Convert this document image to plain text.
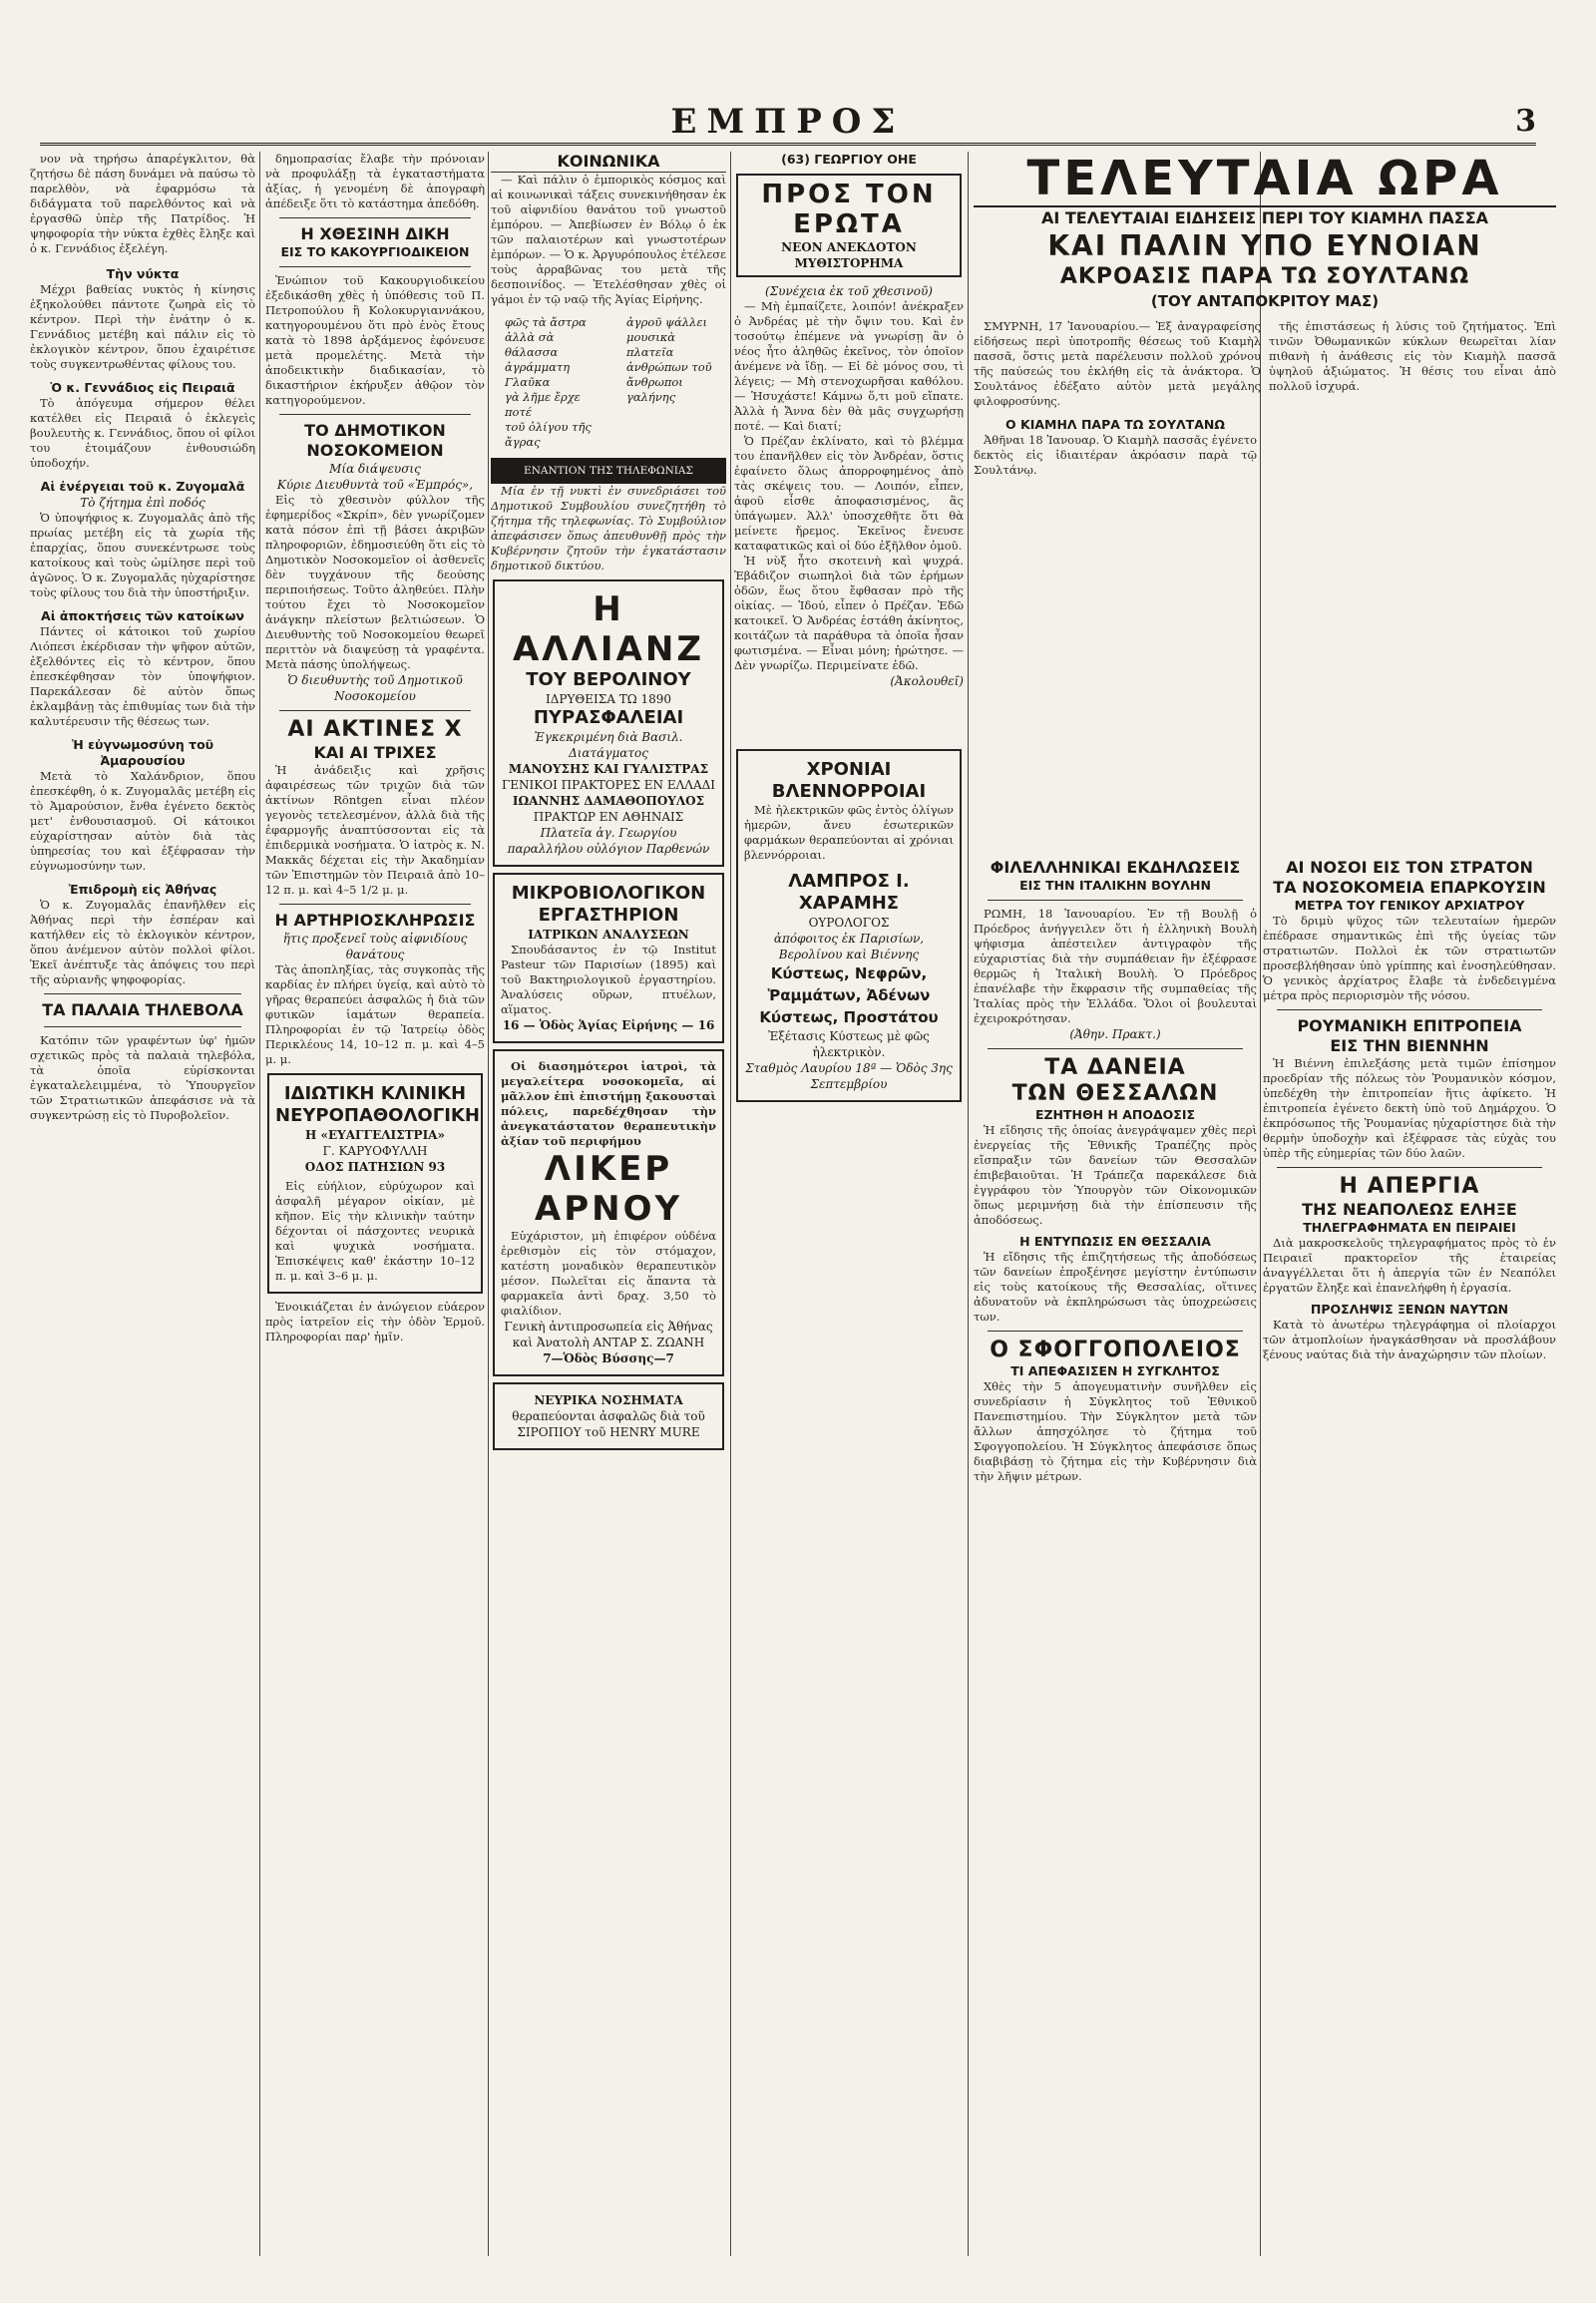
ΕΜΠΡΟΣ	3

νον νὰ τηρήσω ἀπαρέγκλιτον, θὰ ζητήσω δὲ πάση δυνάμει νὰ παύσω τὸ παρελθὸν, νὰ ἐφαρμόσω τὰ διδάγματα τοῦ παρελθόντος καὶ νὰ ἐργασθῶ ὑπὲρ τῆς Πατρίδος. Ἡ ψηφοφορία τὴν νύκτα ἐχθὲς ἔληξε καὶ ὁ κ. Γεννάδιος ἐξελέγη.

Τὴν νύκτα

Μέχρι βαθείας νυκτὸς ἡ κίνησις ἐξηκολούθει πάντοτε ζωηρὰ εἰς τὸ κέντρον. Περὶ τὴν ἐνάτην ὁ κ. Γεννάδιος μετέβη καὶ πάλιν εἰς τὸ ἐκλογικὸν κέντρον, ὅπου ἐχαιρέτισε τοὺς συγκεντρωθέντας φίλους του.

Ὁ κ. Γεννάδιος εἰς Πειραιᾶ

Τὸ ἀπόγευμα σήμερον θέλει κατέλθει εἰς Πειραιᾶ ὁ ἐκλεγεὶς βουλευτὴς κ. Γεννάδιος, ὅπου οἱ φίλοι του ἑτοιμάζουν ἐνθουσιώδη ὑποδοχήν.

Αἱ ἐνέργειαι τοῦ κ. Ζυγομαλᾶ
Τὸ ζήτημα ἐπὶ ποδός

Ὁ ὑποψήφιος κ. Ζυγομαλᾶς ἀπὸ τῆς πρωίας μετέβη εἰς τὰ χωρία τῆς ἐπαρχίας, ὅπου συνεκέντρωσε τοὺς κατοίκους καὶ τοὺς ὡμίλησε περὶ τοῦ ἀγῶνος. Ὁ κ. Ζυγομαλᾶς ηὐχαρίστησε τοὺς φίλους του διὰ τὴν ὑποστήριξιν.

Αἱ ἀποκτήσεις τῶν κατοίκων

Πάντες οἱ κάτοικοι τοῦ χωρίου Λιόπεσι ἐκέρδισαν τὴν ψῆφον αὐτῶν, ἐξελθόντες εἰς τὸ κέντρον, ὅπου ἐπεσκέφθησαν τὸν ὑποψήφιον. Παρεκάλεσαν δὲ αὐτὸν ὅπως ἐκλαμβάνῃ τὰς ἐπιθυμίας των διὰ τὴν καλυτέρευσιν τῆς θέσεως των.

Ἡ εὐγνωμοσύνη τοῦ Ἀμαρουσίου

Μετὰ τὸ Χαλάνδριον, ὅπου ἐπεσκέφθη, ὁ κ. Ζυγομαλᾶς μετέβη εἰς τὸ Ἀμαρούσιον, ἔνθα ἐγένετο δεκτὸς μετ' ἐνθουσιασμοῦ. Οἱ κάτοικοι εὐχαρίστησαν αὐτὸν διὰ τὰς ὑπηρεσίας του καὶ ἐξέφρασαν τὴν εὐγνωμοσύνην των.

Ἐπιδρομὴ εἰς Ἀθήνας

Ὁ κ. Ζυγομαλᾶς ἐπανῆλθεν εἰς Ἀθήνας περὶ τὴν ἐσπέραν καὶ κατήλθεν εἰς τὸ ἐκλογικὸν κέντρον, ὅπου ἀνέμενον αὐτὸν πολλοὶ φίλοι. Ἐκεῖ ἀνέπτυξε τὰς ἀπόψεις του περὶ τῆς αὐριανῆς ψηφοφορίας.

ΤΑ ΠΑΛΑΙΑ ΤΗΛΕΒΟΛΑ

Κατόπιν τῶν γραφέντων ὑφ' ἡμῶν σχετικῶς πρὸς τὰ παλαιὰ τηλεβόλα, τὰ ὁποῖα εὑρίσκονται ἐγκαταλελειμμένα, τὸ Ὑπουργεῖον τῶν Στρατιωτικῶν ἀπεφάσισε νὰ τὰ συγκεντρώσῃ εἰς τὸ Πυροβολεῖον.

δημοπρασίας ἔλαβε τὴν πρόνοιαν νὰ προφυλάξῃ τὰ ἐγκαταστήματα ἀξίας, ἡ γενομένη δὲ ἀπογραφὴ ἀπέδειξε ὅτι τὸ κατάστημα ἀπεδόθη.

Η ΧΘΕΣΙΝΗ ΔΙΚΗ
ΕΙΣ ΤΟ ΚΑΚΟΥΡΓΙΟΔΙΚΕΙΟΝ

Ἐνώπιον τοῦ Κακουργιοδικείου ἐξεδικάσθη χθὲς ἡ ὑπόθεσις τοῦ Π. Πετροπούλου ἢ Κολοκυργιαννάκου, κατηγορουμένου ὅτι πρὸ ἑνὸς ἔτους κατὰ τὸ 1898 ἀρξάμενος ἐφόνευσε μετὰ προμελέτης. Μετὰ τὴν ἀποδεικτικὴν διαδικασίαν, τὸ δικαστήριον ἐκήρυξεν ἀθῷον τὸν κατηγορούμενον.

ΤΟ ΔΗΜΟΤΙΚΟΝ ΝΟΣΟΚΟΜΕΙΟΝ
Μία διάψευσις
Κύριε Διευθυντὰ τοῦ «Ἐμπρός»,

Εἰς τὸ χθεσινὸν φύλλον τῆς ἐφημερίδος «Σκρίπ», δὲν γνωρίζομεν κατὰ πόσον ἐπὶ τῇ βάσει ἀκριβῶν πληροφοριῶν, ἐδημοσιεύθη ὅτι εἰς τὸ Δημοτικὸν Νοσοκομεῖον οἱ ἀσθενεῖς δὲν τυγχάνουν τῆς δεούσης περιποιήσεως. Τοῦτο ἀληθεύει. Πλὴν τούτου ἔχει τὸ Νοσοκομεῖον ἀνάγκην πλείστων βελτιώσεων. Ὁ Διευθυντὴς τοῦ Νοσοκομείου θεωρεῖ περιττὸν νὰ διαψεύσῃ τὰ γραφέντα. Μετὰ πάσης ὑπολήψεως.

Ὁ διευθυντὴς τοῦ Δημοτικοῦ Νοσοκομείου
ΑΙ ΑΚΤΙΝΕΣ Χ
ΚΑΙ ΑΙ ΤΡΙΧΕΣ

Ἡ ἀνάδειξις καὶ χρῆσις ἀφαιρέσεως τῶν τριχῶν διὰ τῶν ἀκτίνων Röntgen εἶναι πλέον γεγονὸς τετελεσμένον, ἀλλὰ διὰ τῆς ἐφαρμογῆς ἀναπτύσσονται εἰς τὰ ἐπιδερμικὰ νοσήματα. Ὁ ἰατρὸς κ. Ν. Μακκᾶς δέχεται εἰς τὴν Ἀκαδημίαν τῶν Ἐπιστημῶν τὸν Πειραιᾶ ἀπὸ 10–12 π. μ. καὶ 4–5 1/2 μ. μ.

Η ΑΡΤΗΡΙΟΣΚΛΗΡΩΣΙΣ
ἥτις προξενεῖ τοὺς αἰφνιδίους θανάτους

Τὰς ἀποπληξίας, τὰς συγκοπὰς τῆς καρδίας ἐν πλήρει ὑγείᾳ, καὶ αὐτὸ τὸ γῆρας θεραπεύει ἀσφαλῶς ἡ διὰ τῶν φυτικῶν ἰαμάτων θεραπεία. Πληροφορίαι ἐν τῷ Ἰατρείῳ ὁδὸς Περικλέους 14, 10–12 π. μ. καὶ 4–5 μ. μ.

ΙΔΙΩΤΙΚΗ ΚΛΙΝΙΚΗ
ΝΕΥΡΟΠΑΘΟΛΟΓΙΚΗ
Η «ΕΥΑΓΓΕΛΙΣΤΡΙΑ»
Γ. ΚΑΡΥΟΦΥΛΛΗ
ΟΔΟΣ ΠΑΤΗΣΙΩΝ 93

Εἰς εὐήλιον, εὐρύχωρον καὶ ἀσφαλῆ μέγαρον οἰκίαν, μὲ κῆπον. Εἰς τὴν κλινικὴν ταύτην δέχονται οἱ πάσχοντες νευρικὰ καὶ ψυχικὰ νοσήματα. Ἐπισκέψεις καθ' ἑκάστην 10–12 π. μ. καὶ 3–6 μ. μ.

Ἐνοικιάζεται ἐν ἀνώγειον εὐάερον πρὸς ἰατρεῖον εἰς τὴν ὁδὸν Ἑρμοῦ. Πληροφορίαι παρ' ἡμῖν.

ΚΟΙΝΩΝΙΚΑ

— Καὶ πάλιν ὁ ἐμπορικὸς κόσμος καὶ αἱ κοινωνικαὶ τάξεις συνεκινήθησαν ἐκ τοῦ αἰφνιδίου θανάτου τοῦ γνωστοῦ ἐμπόρου. — Ἀπεβίωσεν ἐν Βόλῳ ὁ ἐκ τῶν παλαιοτέρων καὶ γνωστοτέρων ἐμπόρων. — Ὁ κ. Ἀργυρόπουλος ἐτέλεσε τοὺς ἀρραβῶνας του μετὰ τῆς δεσποινίδος. — Ἐτελέσθησαν χθὲς οἱ γάμοι ἐν τῷ ναῷ τῆς Ἁγίας Εἰρήνης.

φῶς τὰ ἄστρα
ἀλλὰ σὰ θάλασσα
ἀγράμματη Γλαῦκα
γὰ λῆμε ἔρχε ποτέ
τοῦ ὀλίγου τῆς ἄγρας
ἀγροῦ ψάλλει
μουσικὰ πλατεῖα
ἀνθρώπων τοῦ
ἄνθρωποι γαλήνης
ΕΝΑΝΤΙΟΝ ΤΗΣ ΤΗΛΕΦΩΝΙΑΣ

Μία ἐν τῇ νυκτὶ ἐν συνεδριάσει τοῦ Δημοτικοῦ Συμβουλίου συνεζητήθη τὸ ζήτημα τῆς τηλεφωνίας. Τὸ Συμβούλιον ἀπεφάσισεν ὅπως ἀπευθυνθῇ πρὸς τὴν Κυβέρνησιν ζητοῦν τὴν ἐγκατάστασιν δημοτικοῦ δικτύου.

Η ΑΛΛΙΑΝΖ
ΤΟΥ ΒΕΡΟΛΙΝΟΥ
ΙΔΡΥΘΕΙΣΑ ΤΩ 1890
ΠΥΡΑΣΦΑΛΕΙΑΙ
Ἐγκεκριμένη διὰ Βασιλ. Διατάγματος
ΜΑΝΟΥΣΗΣ ΚΑΙ ΓΥΑΛΙΣΤΡΑΣ
ΓΕΝΙΚΟΙ ΠΡΑΚΤΟΡΕΣ ΕΝ ΕΛΛΑΔΙ
ΙΩΑΝΝΗΣ ΔΑΜΑΘΟΠΟΥΛΟΣ
ΠΡΑΚΤΩΡ ΕΝ ΑΘΗΝΑΙΣ
Πλατεῖα ἁγ. Γεωργίου παραλλήλου οὐλόγιον Παρθενών
ΜΙΚΡΟΒΙΟΛΟΓΙΚΟΝ
ΕΡΓΑΣΤΗΡΙΟΝ
ΙΑΤΡΙΚΩΝ ΑΝΑΛΥΣΕΩΝ

Σπουδάσαντος ἐν τῷ Institut Pasteur τῶν Παρισίων (1895) καὶ τοῦ Βακτηριολογικοῦ ἐργαστηρίου. Ἀναλύσεις οὔρων, πτυέλων, αἵματος.

16 — Ὁδὸς Ἁγίας Εἰρήνης — 16

Οἱ διασημότεροι ἰατροὶ, τὰ μεγαλείτερα νοσοκομεῖα, αἱ μᾶλλον ἐπὶ ἐπιστήμῃ ξακουσταὶ πόλεις, παρεδέχθησαν τὴν ἀνεγκατάστατον θεραπευτικὴν ἀξίαν τοῦ περιφήμου

ΛΙΚΕΡ ΑΡΝΟΥ

Εὐχάριστον, μὴ ἐπιφέρον οὐδένα ἐρεθισμὸν εἰς τὸν στόμαχον, κατέστη μοναδικὸν θεραπευτικὸν μέσον. Πωλεῖται εἰς ἅπαντα τὰ φαρμακεῖα ἀντὶ δραχ. 3,50 τὸ φιαλίδιον.

Γενικὴ ἀντιπροσωπεία εἰς Ἀθήνας καὶ Ἀνατολὴ ΑΝΤΑΡ Σ. ΖΩΑΝΗ
7—Ὁδὸς Βύσσης—7
ΝΕΥΡΙΚΑ ΝΟΣΗΜΑΤΑ
θεραπεύονται ἀσφαλῶς διὰ τοῦ ΣΙΡΟΠΙΟΥ τοῦ HENRY MURE
(63) ΓΕΩΡΓΙΟΥ ΟΗΕ
ΠΡΟΣ ΤΟΝ ΕΡΩΤΑ
ΝΕΟΝ ΑΝΕΚΔΟΤΟΝ ΜΥΘΙΣΤΟΡΗΜΑ
(Συνέχεια ἐκ τοῦ χθεσινοῦ)

— Μὴ ἐμπαίζετε, λοιπόν! ἀνέκραξεν ὁ Ἀνδρέας μὲ τὴν ὄψιν του. Καὶ ἐν τοσούτῳ ἐπέμενε νὰ γνωρίσῃ ἂν ὁ νέος ἦτο ἀληθῶς ἐκεῖνος, τὸν ὁποῖον ἀνέμενε νὰ ἴδῃ. — Εἰ δὲ μόνος σου, τὶ λέγεις; — Μὴ στενοχωρῆσαι καθόλου. — Ἡσυχάστε! Κάμνω ὅ,τι μοῦ εἴπατε. Ἀλλὰ ἡ Ἄννα δὲν θὰ μᾶς συγχωρήσῃ ποτέ. — Καὶ διατί;

Ὁ Πρέζαν ἐκλίνατο, καὶ τὸ βλέμμα του ἐπανῆλθεν εἰς τὸν Ἀνδρέαν, ὅστις ἐφαίνετο ὅλως ἀπορροφημένος ἀπὸ τὰς σκέψεις του. — Λοιπόν, εἶπεν, ἀφοῦ εἶσθε ἀποφασισμένος, ἂς ὑπάγωμεν. Ἀλλ' ὑποσχεθῆτε ὅτι θὰ μείνετε ἤρεμος. Ἐκεῖνος ἔνευσε καταφατικῶς καὶ οἱ δύο ἐξῆλθον ὁμοῦ.

Ἡ νὺξ ἦτο σκοτεινὴ καὶ ψυχρά. Ἐβάδιζον σιωπηλοὶ διὰ τῶν ἐρήμων ὁδῶν, ἕως ὅτου ἔφθασαν πρὸ τῆς οἰκίας. — Ἰδού, εἶπεν ὁ Πρέζαν. Ἐδῶ κατοικεῖ. Ὁ Ἀνδρέας ἐστάθη ἀκίνητος, κοιτάζων τὰ παράθυρα τὰ ὁποῖα ἦσαν φωτισμένα. — Εἶναι μόνη; ἠρώτησε. — Δὲν γνωρίζω. Περιμείνατε ἐδῶ.

(Ἀκολουθεῖ)
ΧΡΟΝΙΑΙ
ΒΛΕΝΝΟΡΡΟΙΑΙ

Μὲ ἠλεκτρικῶν φῶς ἐντὸς ὀλίγων ἡμερῶν, ἄνευ ἐσωτερικῶν φαρμάκων θεραπεύονται αἱ χρόνιαι βλεννόρροιαι.

ΛΑΜΠΡΟΣ Ι. ΧΑΡΑΜΗΣ
ΟΥΡΟΛΟΓΟΣ
ἀπόφοιτος ἐκ Παρισίων, Βερολίνου καὶ Βιέννης
Κύστεως, Νεφρῶν,
Ῥαμμάτων, Ἀδένων Κύστεως, Προστάτου
Ἐξέτασις Κύστεως μὲ φῶς ἠλεκτρικὸν.
Σταθμὸς Λαυρίου 18ª — Ὁδὸς 3ης Σεπτεμβρίου
ΦΙΛΕΛΛΗΝΙΚΑΙ ΕΚΔΗΛΩΣΕΙΣ
ΕΙΣ ΤΗΝ ΙΤΑΛΙΚΗΝ ΒΟΥΛΗΝ

ΡΩΜΗ, 18 Ἰανουαρίου. Ἐν τῇ Βουλῇ ὁ Πρόεδρος ἀνήγγειλεν ὅτι ἡ ἑλληνικὴ Βουλὴ ψήφισμα ἀπέστειλεν ἀντιγραφὸν τῆς εὐχαριστίας διὰ τὴν συμπάθειαν ἣν ἐξέφρασε θερμῶς ἡ Ἰταλικὴ Βουλὴ. Ὁ Πρόεδρος ἐπανέλαβε τὴν ἔκφρασιν τῆς συμπαθείας τῆς Ἰταλίας πρὸς τὴν Ἑλλάδα. Ὅλοι οἱ βουλευταὶ ἐχειροκρότησαν.

(Ἀθην. Πρακτ.)
ΤΑ ΔΑΝΕΙΑ
ΤΩΝ ΘΕΣΣΑΛΩΝ
ΕΖΗΤΗΘΗ Η ΑΠΟΔΟΣΙΣ

Ἡ εἴδησις τῆς ὁποίας ἀνεγράψαμεν χθὲς περὶ ἐνεργείας τῆς Ἐθνικῆς Τραπέζης πρὸς εἴσπραξιν τῶν δανείων τῶν Θεσσαλῶν ἐπιβεβαιοῦται. Ἡ Τράπεζα παρεκάλεσε διὰ ἐγγράφου τὸν Ὑπουργὸν τῶν Οἰκονομικῶν ὅπως μεριμνήσῃ διὰ τὴν ἐπίσπευσιν τῆς ἀποδόσεως.

Η ΕΝΤΥΠΩΣΙΣ ΕΝ ΘΕΣΣΑΛΙΑ

Ἡ εἴδησις τῆς ἐπιζητήσεως τῆς ἀποδόσεως τῶν δανείων ἐπροξένησε μεγίστην ἐντύπωσιν εἰς τοὺς κατοίκους τῆς Θεσσαλίας, οἵτινες ἀδυνατοῦν νὰ ἐκπληρώσωσι τὰς ὑποχρεώσεις των.

Ο ΣΦΟΓΓΟΠΟΛΕΙΟΣ
ΤΙ ΑΠΕΦΑΣΙΣΕΝ Η ΣΥΓΚΛΗΤΟΣ

Χθὲς τὴν 5 ἀπογευματινὴν συνῆλθεν εἰς συνεδρίασιν ἡ Σύγκλητος τοῦ Ἐθνικοῦ Πανεπιστημίου. Τὴν Σύγκλητον μετὰ τῶν ἄλλων ἀπησχόλησε τὸ ζήτημα τοῦ Σφογγοπολείου. Ἡ Σύγκλητος ἀπεφάσισε ὅπως διαβιβάσῃ τὸ ζήτημα εἰς τὴν Κυβέρνησιν διὰ τὴν λῆψιν μέτρων.

ΤΕΛΕΥΤΑΙΑ ΩΡΑ
ΑΙ ΤΕΛΕΥΤΑΙΑΙ ΕΙΔΗΣΕΙΣ ΠΕΡΙ ΤΟΥ ΚΙΑΜΗΛ ΠΑΣΣΑ
ΚΑΙ ΠΑΛΙΝ ΥΠΟ ΕΥΝΟΙΑΝ
ΑΚΡΟΑΣΙΣ ΠΑΡΑ ΤΩ ΣΟΥΛΤΑΝΩ
(ΤΟΥ ΑΝΤΑΠΟΚΡΙΤΟΥ ΜΑΣ)

ΣΜΥΡΝΗ, 17 Ἰανουαρίου.— Ἐξ ἀναγραφείσης εἰδήσεως περὶ ὑποτροπῆς θέσεως τοῦ Κιαμὴλ πασσᾶ, ὅστις μετὰ παρέλευσιν πολλοῦ χρόνου τῆς παύσεώς του ἐκλήθη εἰς τὰ ἀνάκτορα. Ὁ Σουλτάνος ἐδέξατο αὐτὸν μετὰ μεγάλης φιλοφροσύνης.

τῆς ἐπιστάσεως ἡ λύσις τοῦ ζητήματος. Ἐπὶ τινῶν Ὀθωμανικῶν κύκλων θεωρεῖται λίαν πιθανὴ ἡ ἀνάθεσις εἰς τὸν Κιαμὴλ πασσᾶ ὑψηλοῦ ἀξιώματος. Ἡ θέσις του εἶναι ἀπὸ πολλοῦ ἰσχυρά.

Ο ΚΙΑΜΗΛ ΠΑΡΑ ΤΩ ΣΟΥΛΤΑΝΩ

Ἀθῆναι 18 Ἰανουαρ. Ὁ Κιαμὴλ πασσᾶς ἐγένετο δεκτὸς εἰς ἰδιαιτέραν ἀκρόασιν παρὰ τῷ Σουλτάνῳ.

ΑΙ ΝΟΣΟΙ ΕΙΣ ΤΟΝ ΣΤΡΑΤΟΝ
ΤΑ ΝΟΣΟΚΟΜΕΙΑ ΕΠΑΡΚΟΥΣΙΝ
ΜΕΤΡΑ ΤΟΥ ΓΕΝΙΚΟΥ ΑΡΧΙΑΤΡΟΥ

Τὸ δριμὺ ψῦχος τῶν τελευταίων ἡμερῶν ἐπέδρασε σημαντικῶς ἐπὶ τῆς ὑγείας τῶν στρατιωτῶν. Πολλοὶ ἐκ τῶν στρατιωτῶν προσεβλήθησαν ὑπὸ γρίππης καὶ ἐνοσηλεύθησαν. Ὁ γενικὸς ἀρχίατρος ἔλαβε τὰ ἐνδεδειγμένα μέτρα πρὸς περιορισμὸν τῆς νόσου.

ΡΟΥΜΑΝΙΚΗ ΕΠΙΤΡΟΠΕΙΑ
ΕΙΣ ΤΗΝ ΒΙΕΝΝΗΝ

Ἡ Βιέννη ἐπιλεξάσης μετὰ τιμῶν ἐπίσημον προεδρίαν τῆς πόλεως τὸν Ῥουμανικὸν κόσμον, ὑπεδέχθη τὴν ἐπιτροπείαν ἥτις ἀφίκετο. Ἡ ἐπιτροπεία ἐγένετο δεκτὴ ὑπὸ τοῦ Δημάρχου. Ὁ ἐκπρόσωπος τῆς Ῥουμανίας ηὐχαρίστησε διὰ τὴν θερμὴν ὑποδοχὴν καὶ ἐξέφρασε τὰς εὐχὰς του ὑπὲρ τῆς εὐημερίας τῶν δύο λαῶν.

Η ΑΠΕΡΓΙΑ
ΤΗΣ ΝΕΑΠΟΛΕΩΣ ΕΛΗΞΕ
ΤΗΛΕΓΡΑΦΗΜΑΤΑ ΕΝ ΠΕΙΡΑΙΕΙ

Διὰ μακροσκελοῦς τηλεγραφήματος πρὸς τὸ ἐν Πειραιεῖ πρακτορεῖον τῆς ἑταιρείας ἀναγγέλλεται ὅτι ἡ ἀπεργία τῶν ἐν Νεαπόλει ἐργατῶν ἔληξε καὶ ἐπανελήφθη ἡ ἐργασία.

ΠΡΟΣΛΗΨΙΣ ΞΕΝΩΝ ΝΑΥΤΩΝ

Κατὰ τὸ ἀνωτέρω τηλεγράφημα οἱ πλοίαρχοι τῶν ἀτμοπλοίων ἠναγκάσθησαν νὰ προσλάβουν ξένους ναύτας διὰ τὴν ἀναχώρησιν τῶν πλοίων.
